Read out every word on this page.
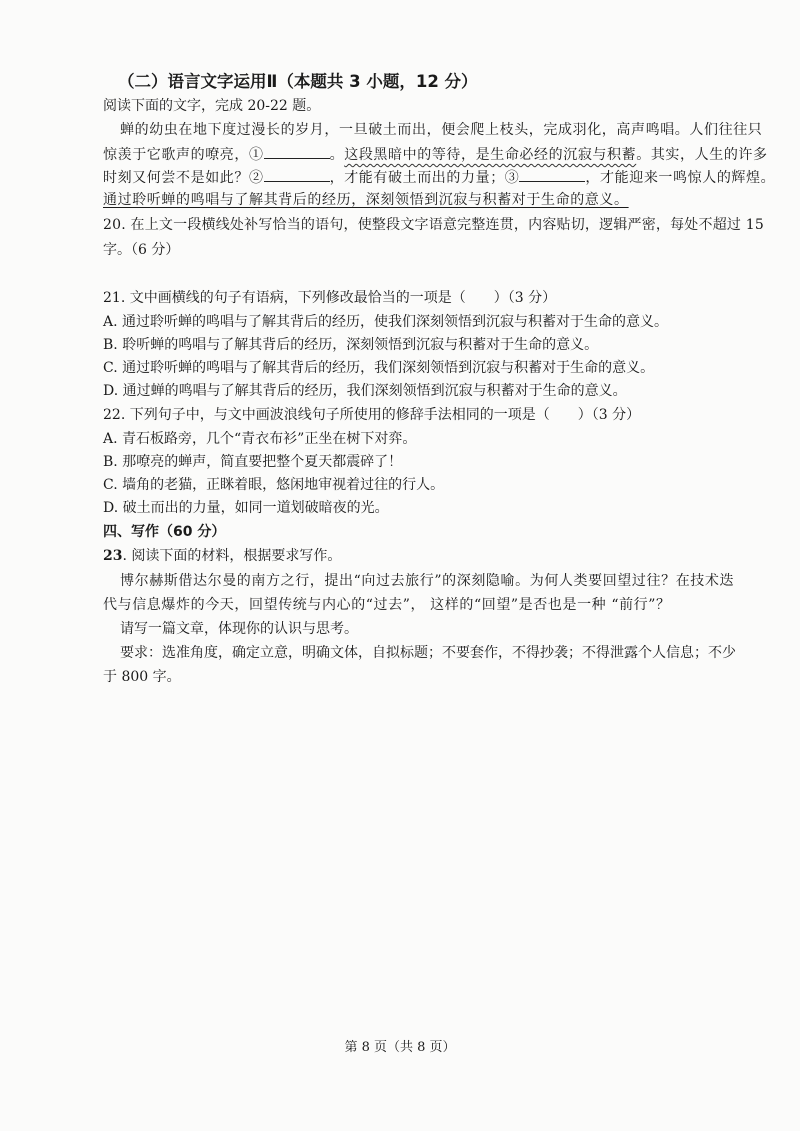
（二）语言文字运用Ⅱ（本题共 3 小题，12 分）
阅读下面的文字，完成 20-22 题。
蝉的幼虫在地下度过漫长的岁月，一旦破土而出，便会爬上枝头，完成羽化，高声鸣唱。人们往往只
惊羡于它歌声的嘹亮，①	。这段黑暗中的等待，是生命必经的沉寂与积蓄。其实，人生的许多
时刻又何尝不是如此？②	，才能有破土而出的力量；③	，才能迎来一鸣惊人的辉煌。
通过聆听蝉的鸣唱与了解其背后的经历，深刻领悟到沉寂与积蓄对于生命的意义。
20. 在上文一段横线处补写恰当的语句，使整段文字语意完整连贯，内容贴切，逻辑严密，每处不超过 15
字。（6 分）
21. 文中画横线的句子有语病，下列修改最恰当的一项是（　　）（3 分）
A. 通过聆听蝉的鸣唱与了解其背后的经历，使我们深刻领悟到沉寂与积蓄对于生命的意义。
B. 聆听蝉的鸣唱与了解其背后的经历，深刻领悟到沉寂与积蓄对于生命的意义。
C. 通过聆听蝉的鸣唱与了解其背后的经历，我们深刻领悟到沉寂与积蓄对于生命的意义。
D. 通过蝉的鸣唱与了解其背后的经历，我们深刻领悟到沉寂与积蓄对于生命的意义。
22. 下列句子中，与文中画波浪线句子所使用的修辞手法相同的一项是（　　）（3 分）
A. 青石板路旁，几个“青衣布衫”正坐在树下对弈。
B. 那嘹亮的蝉声，简直要把整个夏天都震碎了！
C. 墙角的老猫，正眯着眼，悠闲地审视着过往的行人。
D. 破土而出的力量，如同一道划破暗夜的光。
四、写作（60 分）
23. 阅读下面的材料，根据要求写作。
博尔赫斯借达尔曼的南方之行，提出“向过去旅行”的深刻隐喻。为何人类要回望过往？在技术迭
代与信息爆炸的今天，回望传统与内心的“过去”， 这样的“回望”是否也是一种 “前行”？
请写一篇文章，体现你的认识与思考。
要求：选准角度，确定立意，明确文体，自拟标题；不要套作，不得抄袭；不得泄露个人信息；不少
于 800 字。
第 8 页（共 8 页）
